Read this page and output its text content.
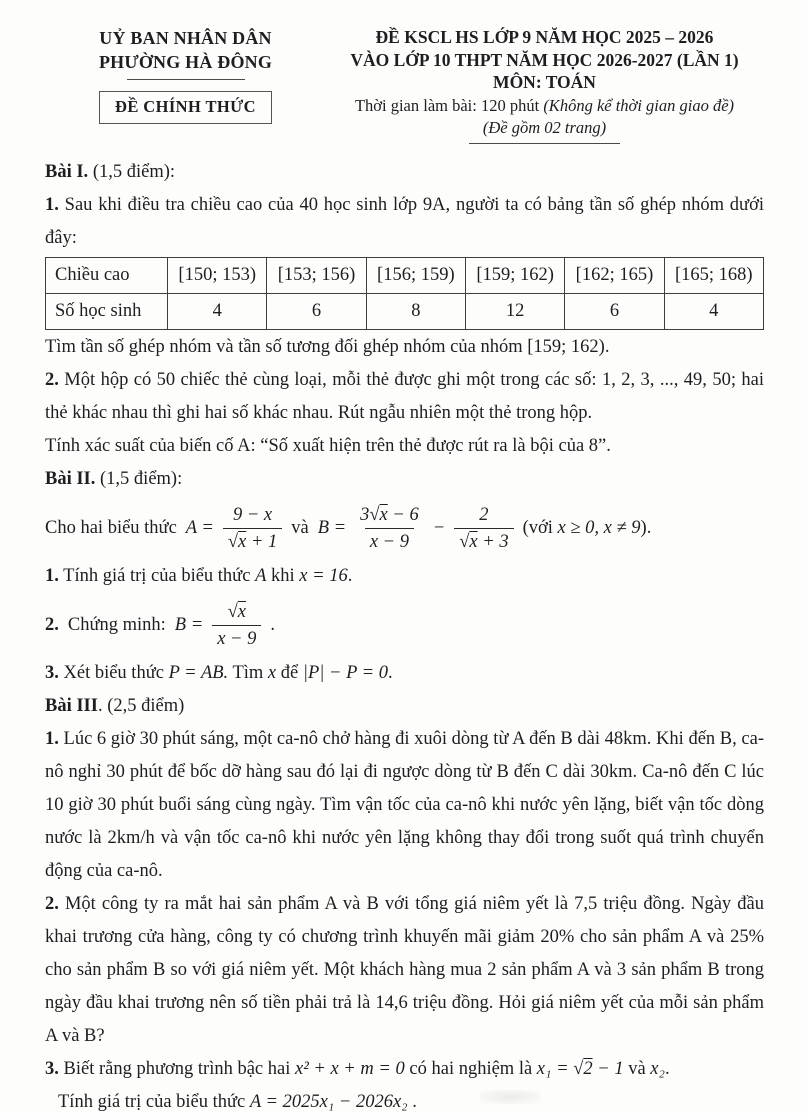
UỶ BAN NHÂN DÂN
PHƯỜNG HÀ ĐÔNG
ĐỀ CHÍNH THỨC
ĐỀ KSCL HS LỚP 9 NĂM HỌC 2025 – 2026
VÀO LỚP 10 THPT NĂM HỌC 2026-2027 (LẦN 1)
MÔN: TOÁN
Thời gian làm bài: 120 phút (Không kể thời gian giao đề)
(Đề gồm 02 trang)

Bài I. (1,5 điểm):

1. Sau khi điều tra chiều cao của 40 học sinh lớp 9A, người ta có bảng tần số ghép nhóm dưới đây:

Chiều cao	[150; 153)	[153; 156)	[156; 159)	[159; 162)	[162; 165)	[165; 168)
Số học sinh	4	6	8	12	6	4

Tìm tần số ghép nhóm và tần số tương đối ghép nhóm của nhóm [159; 162).

2. Một hộp có 50 chiếc thẻ cùng loại, mỗi thẻ được ghi một trong các số: 1, 2, 3, ..., 49, 50; hai thẻ khác nhau thì ghi hai số khác nhau. Rút ngẫu nhiên một thẻ trong hộp.

Tính xác suất của biến cố A: “Số xuất hiện trên thẻ được rút ra là bội của 8”.

Bài II. (1,5 điểm):

Cho hai biểu thức $A = \frac{9 - x}{√x + 1}$ và $B = \frac{3√x - 6}{x - 9} - \frac{2}{√x + 3}$ (với x ≥ 0, x ≠ 9).

1. Tính giá trị của biểu thức A khi x = 16.

2. Chứng minh: $B = \frac{√x}{x - 9}$ .

3. Xét biểu thức P = AB. Tìm x để |P| − P = 0.

Bài III. (2,5 điểm)

1. Lúc 6 giờ 30 phút sáng, một ca-nô chở hàng đi xuôi dòng từ A đến B dài 48km. Khi đến B, ca-nô nghỉ 30 phút để bốc dỡ hàng sau đó lại đi ngược dòng từ B đến C dài 30km. Ca-nô đến C lúc 10 giờ 30 phút buổi sáng cùng ngày. Tìm vận tốc của ca-nô khi nước yên lặng, biết vận tốc dòng nước là 2km/h và vận tốc ca-nô khi nước yên lặng không thay đổi trong suốt quá trình chuyển động của ca-nô.

2. Một công ty ra mắt hai sản phẩm A và B với tổng giá niêm yết là 7,5 triệu đồng. Ngày đầu khai trương cửa hàng, công ty có chương trình khuyến mãi giảm 20% cho sản phẩm A và 25% cho sản phẩm B so với giá niêm yết. Một khách hàng mua 2 sản phẩm A và 3 sản phẩm B trong ngày đầu khai trương nên số tiền phải trả là 14,6 triệu đồng. Hỏi giá niêm yết của mỗi sản phẩm A và B?

3. Biết rằng phương trình bậc hai x² + x + m = 0 có hai nghiệm là x₁ = √2 − 1 và x₂.

Tính giá trị của biểu thức A = 2025x₁ − 2026x₂ .
